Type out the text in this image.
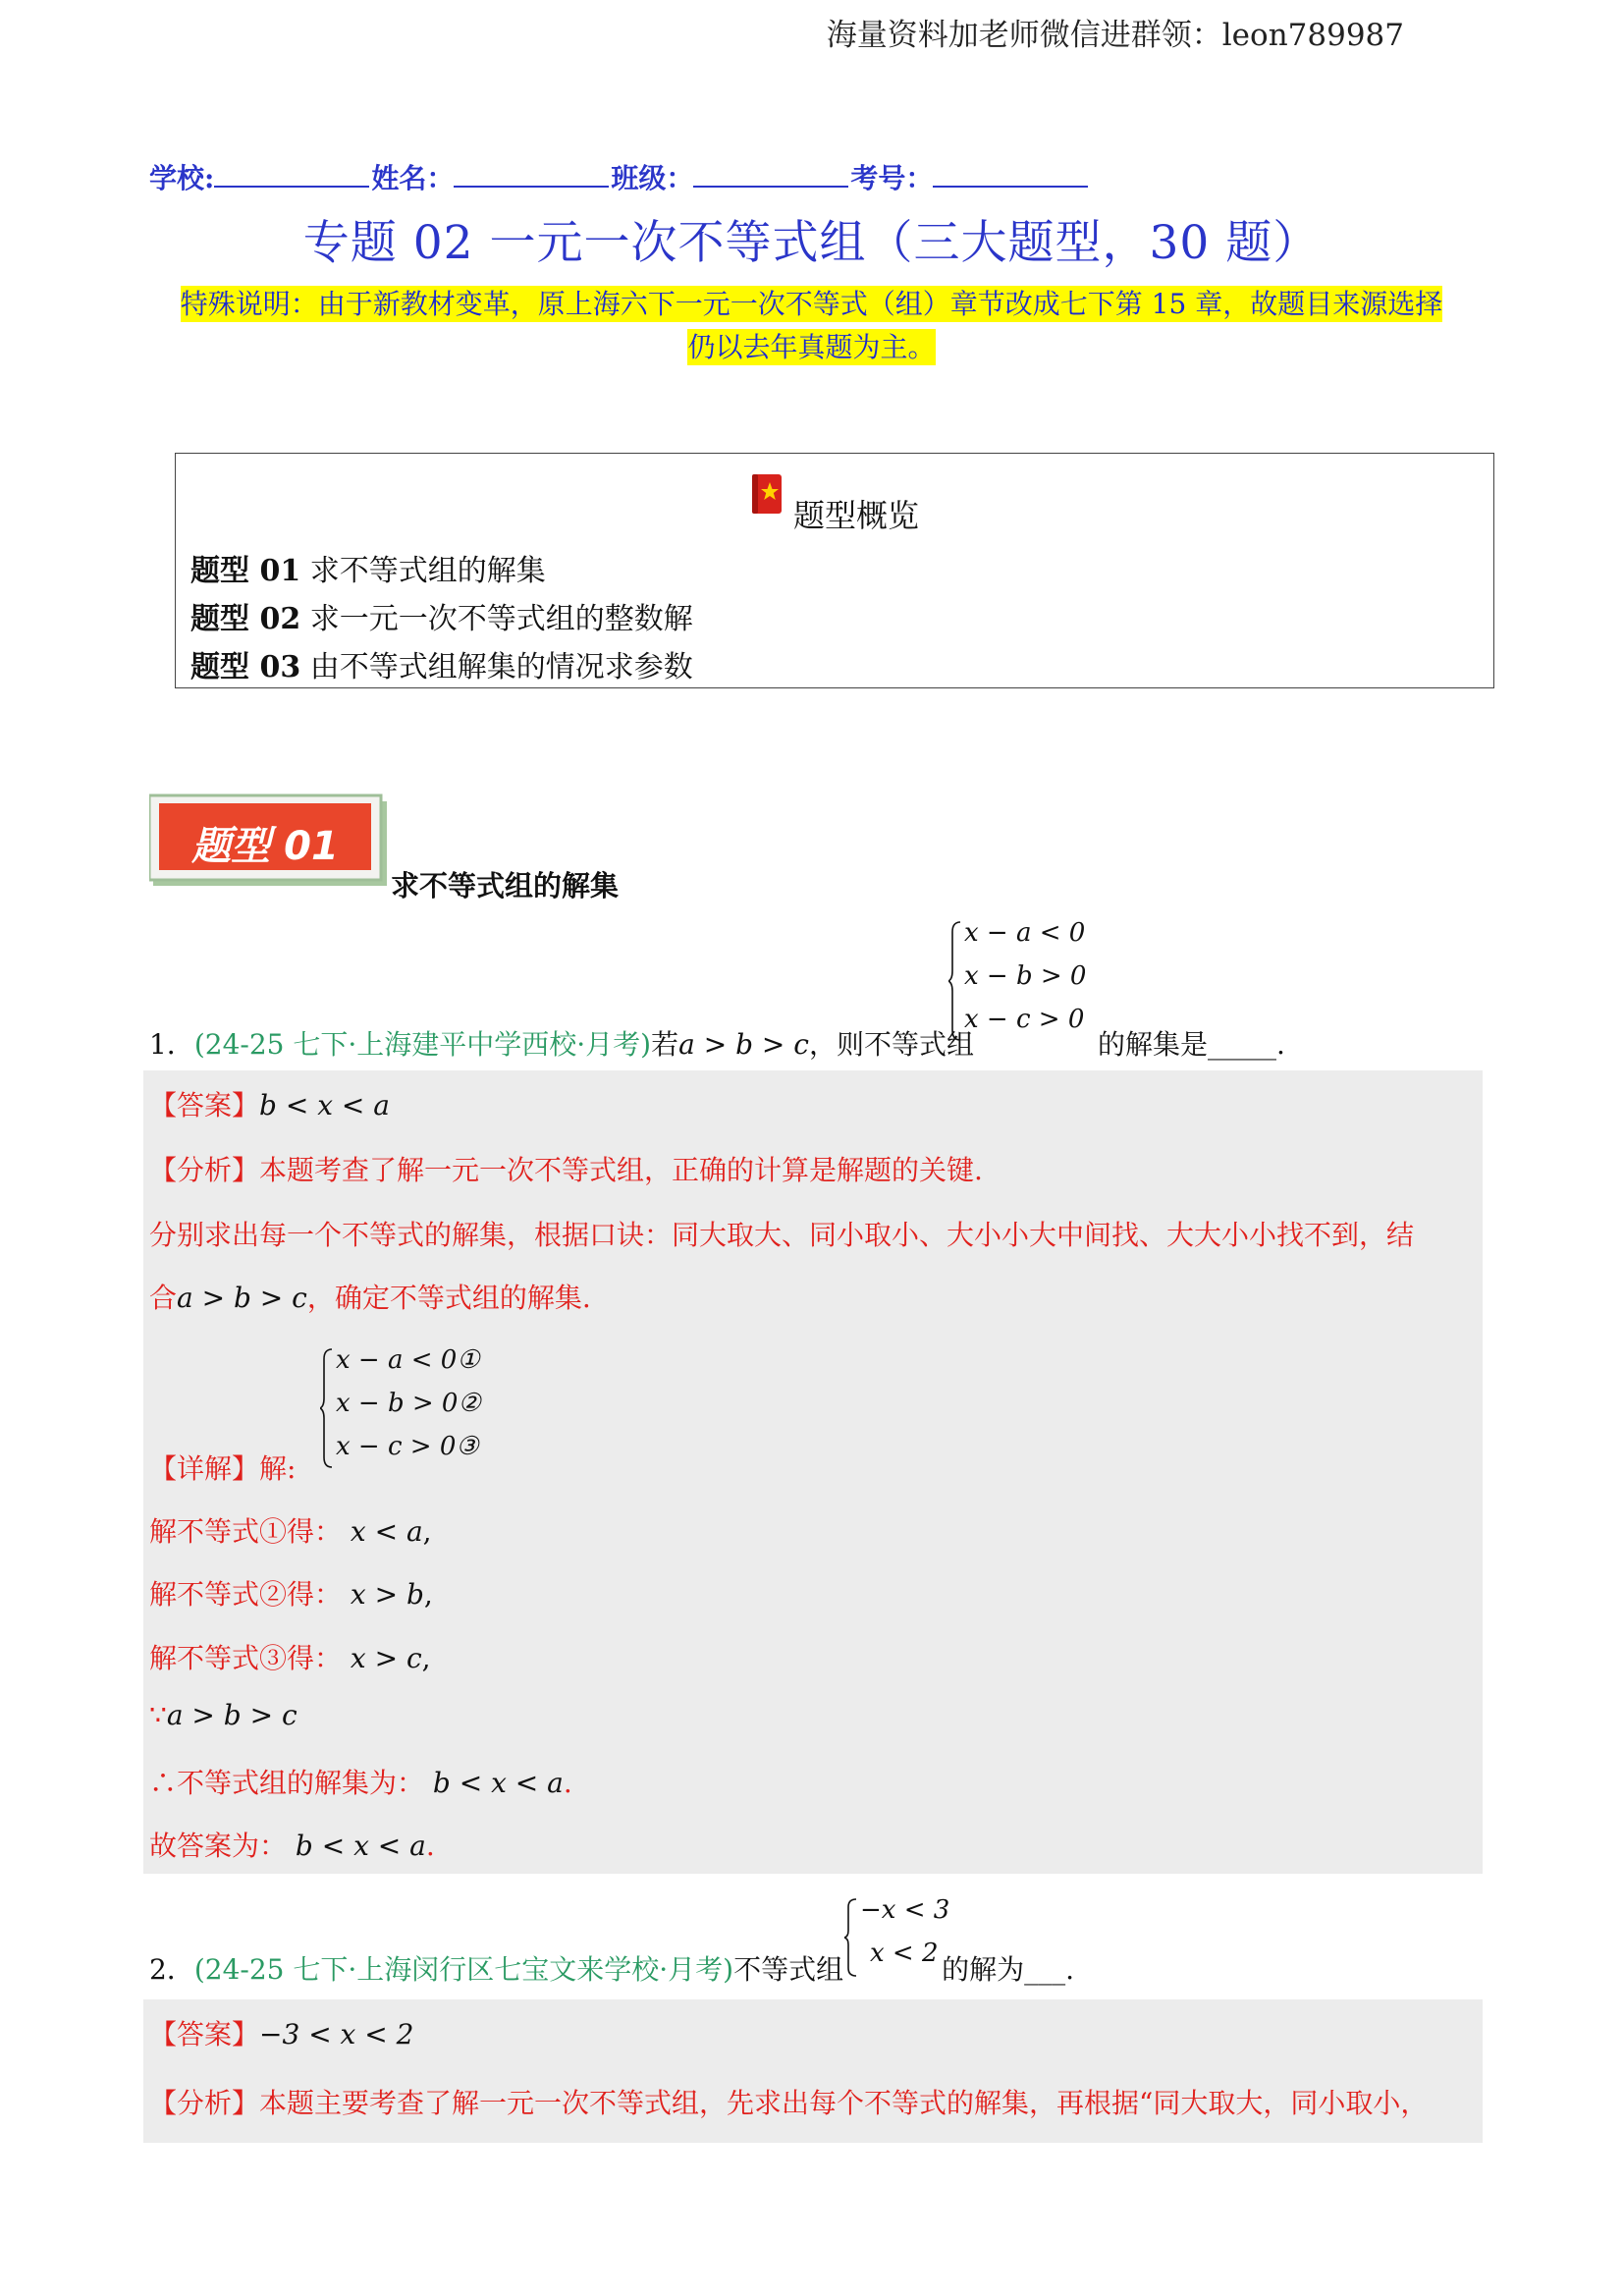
海量资料加老师微信进群领：leon789987
学校:	姓名：	班级：	考号：
专题 02 一元一次不等式组（三大题型，30 题）
特殊说明：由于新教材变革，原上海六下一元一次不等式（组）章节改成七下第 15 章，故题目来源选择
仍以去年真题为主。
题型概览
题型 01 求不等式组的解集
题型 02 求一元一次不等式组的整数解
题型 03 由不等式组解集的情况求参数
题型 01
求不等式组的解集
x − a < 0
x − b > 0
x − c > 0
1．(24-25 七下·上海建平中学西校·月考)若a > b > c，则不等式组	的解集是_____.
【答案】b < x < a
【分析】本题考查了解一元一次不等式组，正确的计算是解题的关键.
分别求出每一个不等式的解集，根据口诀：同大取大、同小取小、大小小大中间找、大大小小找不到，结
合a > b > c，确定不等式组的解集.
x − a < 0①
x − b > 0②
x − c > 0③
【详解】解:
解不等式①得： x < a,
解不等式②得： x > b,
解不等式③得： x > c,
∵a > b > c
∴不等式组的解集为： b < x < a.
故答案为： b < x < a.
−x < 3
x < 2
2．(24-25 七下·上海闵行区七宝文来学校·月考)不等式组	的解为___.
【答案】−3 < x < 2
【分析】本题主要考查了解一元一次不等式组，先求出每个不等式的解集，再根据“同大取大，同小取小，
